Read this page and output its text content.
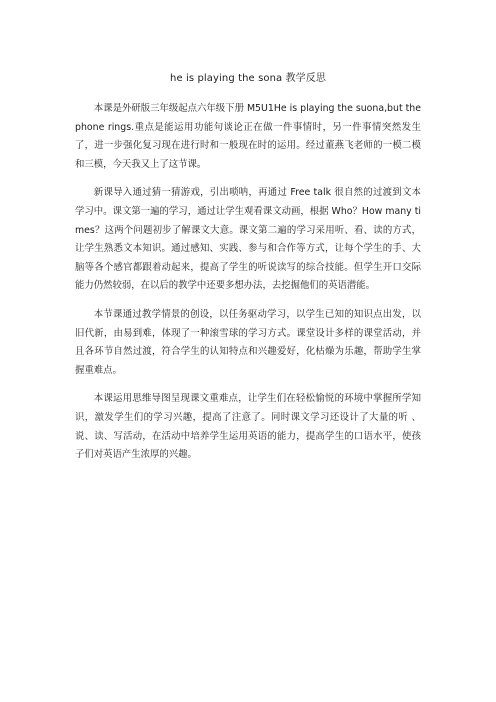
he is playing the sona 教学反思

本课是外研版三年级起点六年级下册 M5U1He is playing the suona,but the phone rings.重点是能运用功能句谈论正在做一件事情时，另一件事情突然发生了，进一步强化复习现在进行时和一般现在时的运用。经过董燕飞老师的一模二模和三模，今天我又上了这节课。

新课导入通过猜一猜游戏，引出唢呐，再通过 Free talk 很自然的过渡到文本学习中。课文第一遍的学习，通过让学生观看课文动画，根据 Who？How many times？这两个问题初步了解课文大意。课文第二遍的学习采用听、看、读的方式，让学生熟悉文本知识。通过感知、实践、参与和合作等方式，让每个学生的手、大脑等各个感官都跟着动起来，提高了学生的听说读写的综合技能。但学生开口交际能力仍然较弱，在以后的教学中还要多想办法，去挖掘他们的英语潜能。

本节课通过教学情景的创设，以任务驱动学习，以学生已知的知识点出发，以旧代新，由易到难，体现了一种滚雪球的学习方式。课堂设计多样的课堂活动，并且各环节自然过渡，符合学生的认知特点和兴趣爱好，化枯燥为乐趣，帮助学生掌握重难点。

本课运用思维导图呈现课文重难点，让学生们在轻松愉悦的环境中掌握所学知识，激发学生们的学习兴趣，提高了注意了。同时课文学习还设计了大量的听 、说、读、写活动，在活动中培养学生运用英语的能力，提高学生的口语水平，使孩子们对英语产生浓厚的兴趣。
